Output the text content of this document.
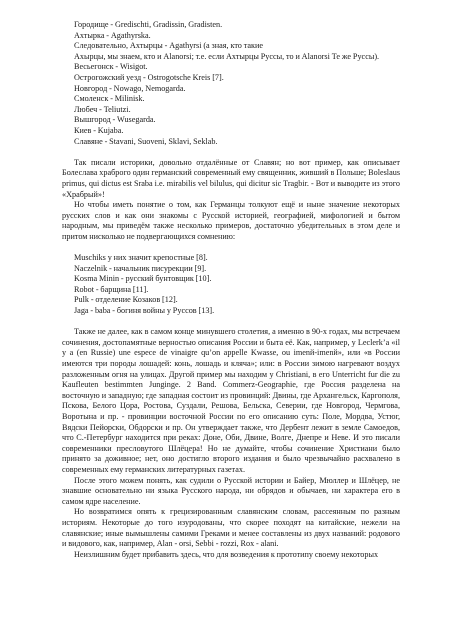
Городище - Gredischti, Gradissin, Gradisten.

Ахтырка - Agathyrska.

Следовательно, Ахтырцы - Agathyrsi (а зная, кто такие

Ахырцы, мы знаем, кто и Alanorsi; т.е. если Ахтырцы Руссы, то и Alanorsi Те же Руссы).

Весьегонск - Wisigot.

Острогожский уезд - Ostrogotsche Kreis [7].

Новгород - Nowago, Nemogarda.

Смоленск - Milinisk.

Любеч - Teliutzi.

Вышгород - Wusegarda.

Киев - Kujaba.

Славяне - Stavani, Suoveni, Sklavi, Seklab.

Так писали историки, довольно отдалённые от Славян; но вот пример, как описывает Болеслава храброго один германский современный ему священник, живший в Польше; Boleslaus primus, qui dictus est Sraba i.e. mirabilis vel bilulus, qui dicitur sic Tragbir. - Вот и выводите из этого «Храбрый»!

Но чтобы иметь понятие о том, как Германцы толкуют ещё и ныне значение некоторых русских слов и как они знакомы с Русской историей, географией, мифологией и бытом народным, мы приведём также несколько примеров, достаточно убедительных в этом деле и притом нисколько не подвергающихся сомнению:

Muschiks у них значит крепостные [8].

Naczelnik - начальник писурекции [9].

Kosma Minin - русский бунтовщик [10].

Robot - барщина [11].

Pulk - отделение Козаков [12].

Jaga - baba - богиня войны у Руссов [13].

Также не далее, как в самом конце минувшего столетия, а именно в 90-х годах, мы встречаем сочинения, достопамятные верностью описания России и быта её. Как, например, у Leclerk’а «il y a (en Russie) une espece de vinaigre qu’on appelle Kwasse, ou imenй-imenй», или «в России имеются три породы лошадей: конь, лошадь и кляча»; или: в России зимою нагревают воздух разложенным огня на улицах. Другой пример мы находим у Christiani, в его Unterricht fur die zu Kaufleuten bestimmten Junginge. 2 Band. Commerz-Geographie, где Россия разделена на восточную и западную; где западная состоит из провинций: Двины, где Архангельск, Каргополя, Пскова, Белого Цора, Ростова, Суздали, Решова, Бельска, Северии, где Новгород, Чермгова, Воротына и пр. - провинции восточной России по его описанию суть: Поле, Мордва, Устюг, Вядски Пейорски, Обдорски и пр. Он утверждает также, что Дербент лежит в земле Самоедов, что С.-Петербург находится при реках: Доне, Оби, Двине, Волге, Днепре и Неве. И это писали современники пресловутого Шлёцера! Но не думайте, чтобы сочинение Христиани было принято за доживное; нет, оно достигло второго издания и было чрезвычайно расхвалено в современных ему германских литературных газетах.

После этого можем понять, как судили о Русской истории и Байер, Мюллер и Шлёцер, не знавшие основательно ни языка Русского народа, ни обрядов и обычаев, ни характера его в самом ядре население.

Но возвратимся опять к грецизированным славянским словам, рассеянным по разным историям. Некоторые до того изуродованы, что скорее походят на китайские, нежели на славянские; иные вымышлены самими Греками и менее составлены из двух названий: родового и видового, как, например, Alan - orsi, Sebbi - rozzi, Rox - alani.

Неизлишним будет прибавить здесь, что для возведения к прототипу своему некоторых
